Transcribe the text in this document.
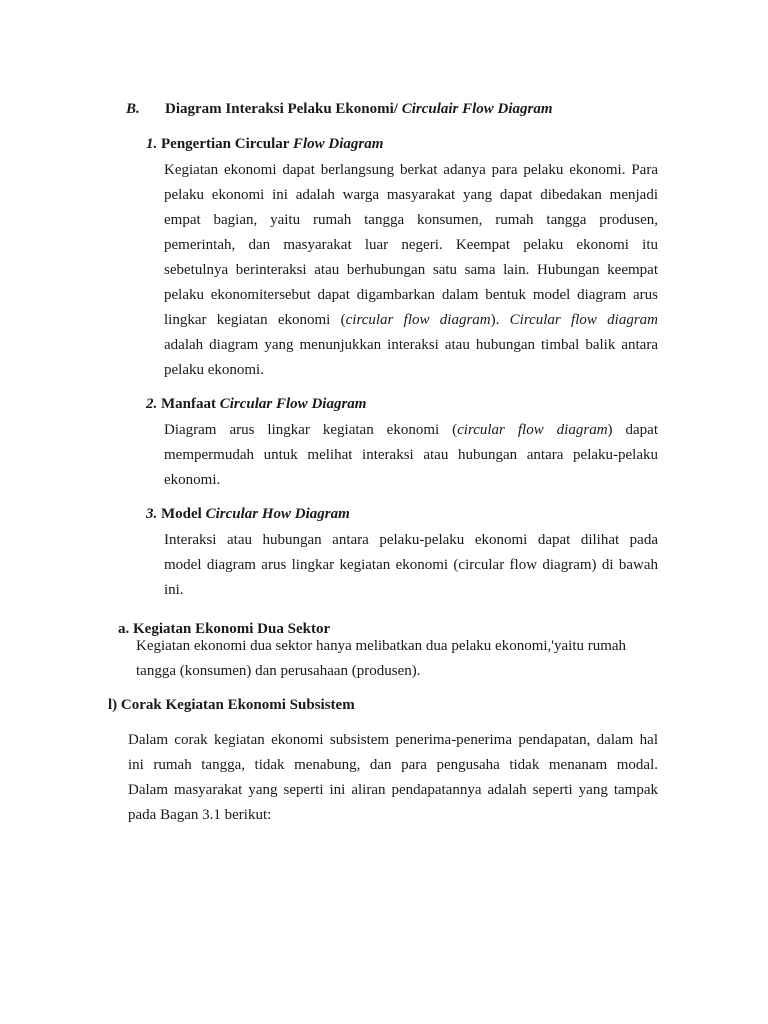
B. Diagram Interaksi Pelaku Ekonomi/ Circulair Flow Diagram
1. Pengertian Circular Flow Diagram
Kegiatan ekonomi dapat berlangsung berkat adanya para pelaku ekonomi. Para
pelaku ekonomi ini adalah warga masyarakat yang dapat dibedakan menjadi
empat bagian, yaitu rumah tangga konsumen, rumah tangga produsen,
pemerintah, dan masyarakat luar negeri. Keempat pelaku ekonomi itu
sebetulnya berinteraksi atau berhubungan satu sama lain. Hubungan keempat
pelaku ekonomitersebut dapat digambarkan dalam bentuk model diagram arus
lingkar kegiatan ekonomi (circular flow diagram). Circular flow diagram
adalah diagram yang menunjukkan interaksi atau hubungan timbal balik antara
pelaku ekonomi.
2. Manfaat Circular Flow Diagram
Diagram arus lingkar kegiatan ekonomi (circular flow diagram) dapat
mempermudah untuk melihat interaksi atau hubungan antara pelaku-pelaku
ekonomi.
3. Model Circular How Diagram
Interaksi atau hubungan antara pelaku-pelaku ekonomi dapat dilihat pada
model diagram arus lingkar kegiatan ekonomi (circular flow diagram) di bawah
ini.
a. Kegiatan Ekonomi Dua Sektor
Kegiatan ekonomi dua sektor hanya melibatkan dua pelaku ekonomi,'yaitu rumah
tangga (konsumen) dan perusahaan (produsen).
l) Corak Kegiatan Ekonomi Subsistem
Dalam corak kegiatan ekonomi subsistem penerima-penerima pendapatan, dalam hal
ini rumah tangga, tidak menabung, dan para pengusaha tidak menanam modal.
Dalam masyarakat yang seperti ini aliran pendapatannya adalah seperti yang tampak
pada Bagan 3.1 berikut:
